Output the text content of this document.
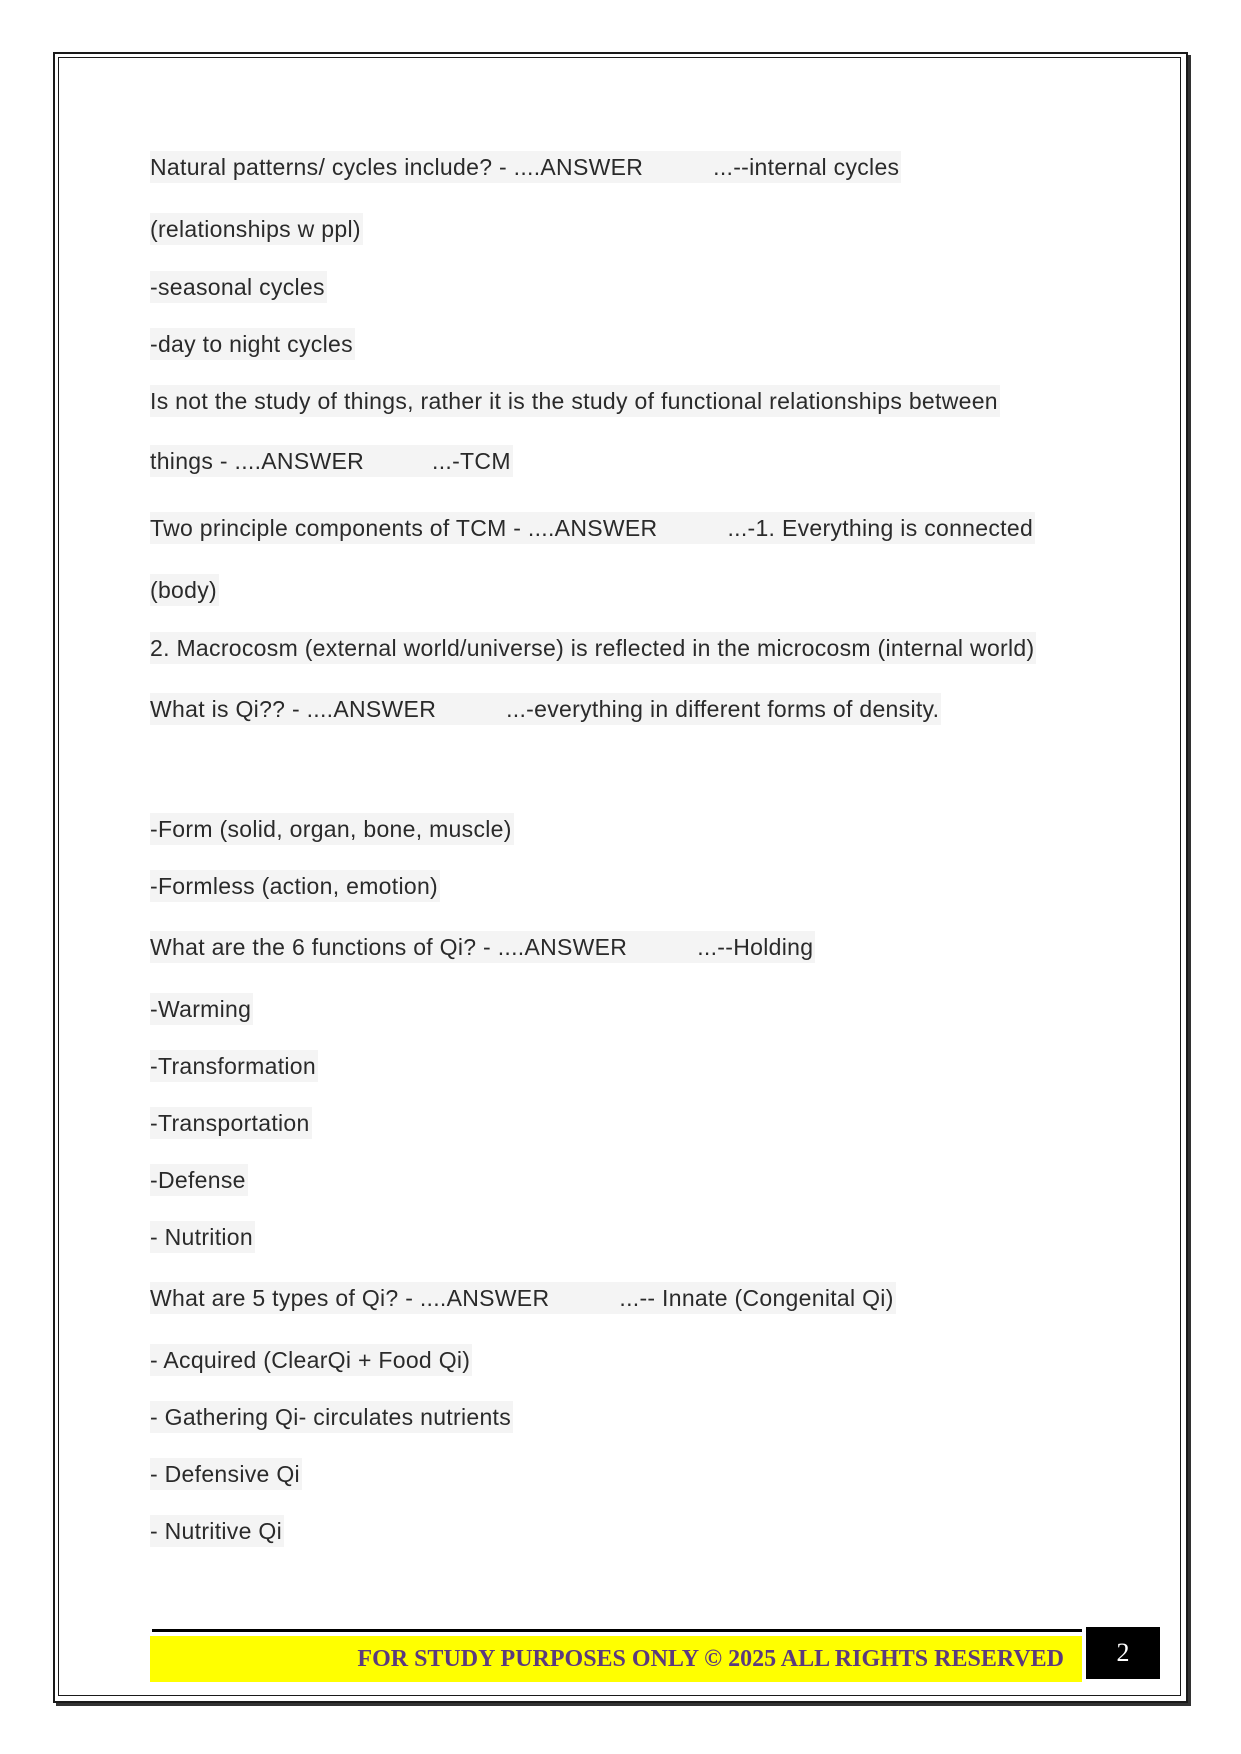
Natural patterns/ cycles include? - ....ANSWER	...--internal cycles
(relationships w ppl)
-seasonal cycles
-day to night cycles
Is not the study of things, rather it is the study of functional relationships between
things - ....ANSWER	...-TCM
Two principle components of TCM - ....ANSWER	...-1. Everything is connected
(body)
2. Macrocosm (external world/universe) is reflected in the microcosm (internal world)
What is Qi?? - ....ANSWER	...-everything in different forms of density.
-Form (solid, organ, bone, muscle)
-Formless (action, emotion)
What are the 6 functions of Qi? - ....ANSWER	...--Holding
-Warming
-Transformation
-Transportation
-Defense
- Nutrition
What are 5 types of Qi? - ....ANSWER	...-- Innate (Congenital Qi)
- Acquired (ClearQi + Food Qi)
- Gathering Qi- circulates nutrients
- Defensive Qi
- Nutritive Qi
FOR STUDY PURPOSES ONLY © 2025 ALL RIGHTS RESERVED	2
